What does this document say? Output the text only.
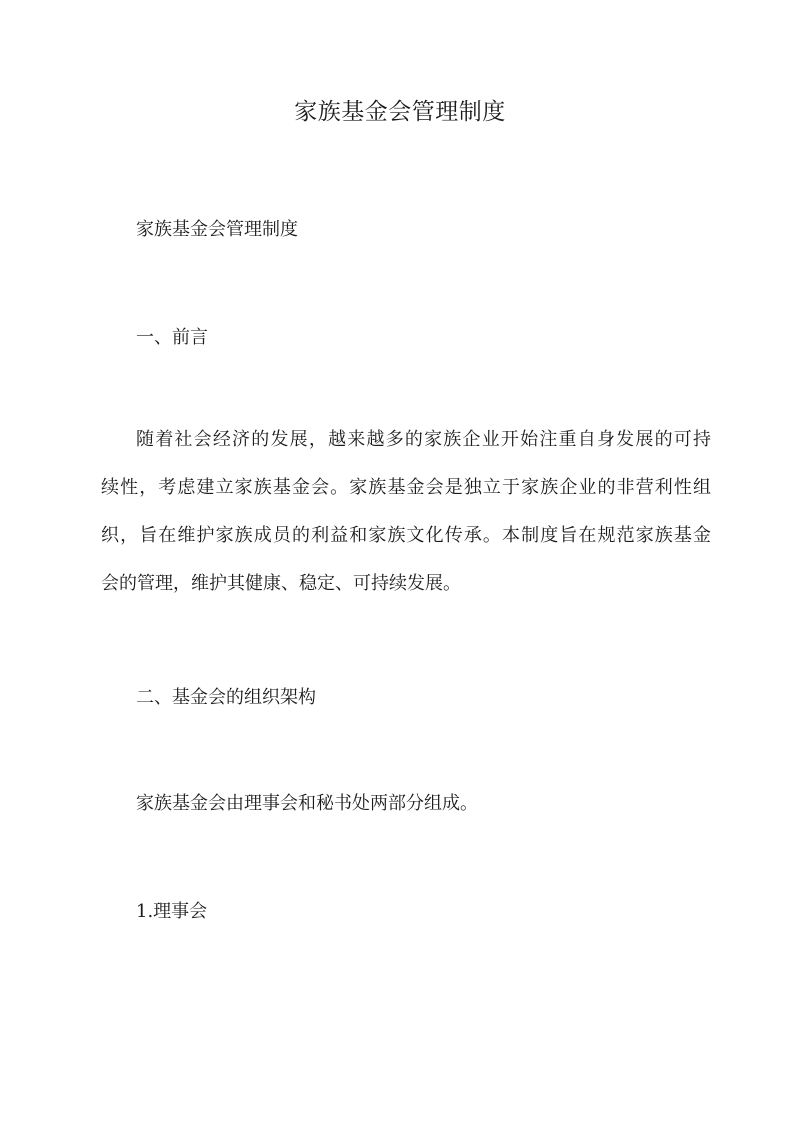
家族基金会管理制度
家族基金会管理制度
一、前言
随着社会经济的发展，越来越多的家族企业开始注重自身发展的可持
续性，考虑建立家族基金会。家族基金会是独立于家族企业的非营利性组
织，旨在维护家族成员的利益和家族文化传承。本制度旨在规范家族基金
会的管理，维护其健康、稳定、可持续发展。
二、基金会的组织架构
家族基金会由理事会和秘书处两部分组成。
1.理事会
